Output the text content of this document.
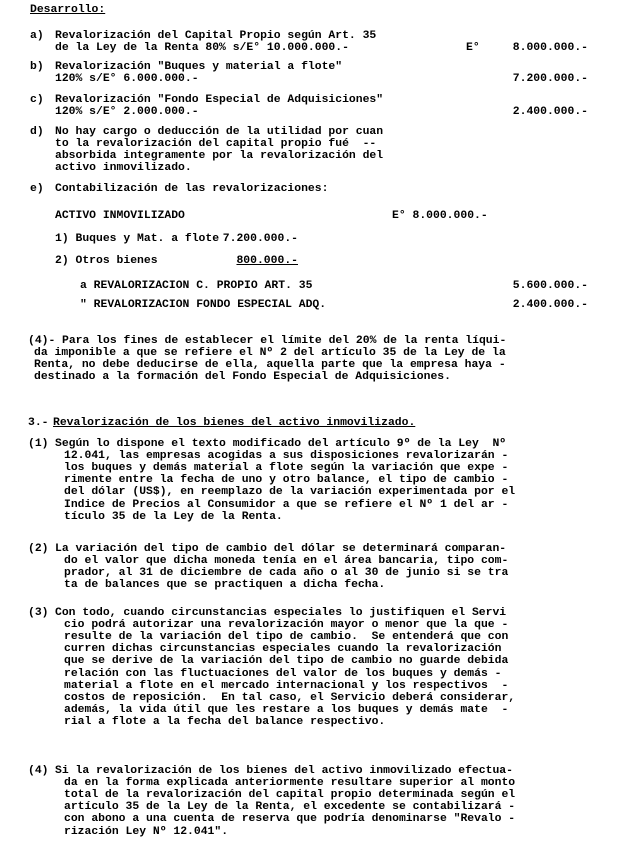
Desarrollo:
a) Revalorización del Capital Propio según Art. 35
de la Ley de la Renta 80% s/E° 10.000.000.-	E°	8.000.000.-
b) Revalorización "Buques y material a flote"
120% s/E° 6.000.000.-	7.200.000.-
c) Revalorización "Fondo Especial de Adquisiciones"
120% s/E° 2.000.000.-	2.400.000.-
d) No hay cargo o deducción de la utilidad por cuan
to la revalorización del capital propio fué  --
absorbida integramente por la revalorización del
activo inmovilizado.
e) Contabilización de las revalorizaciones:
ACTIVO INMOVILIZADO	E° 8.000.000.-
1) Buques y Mat. a flote 7.200.000.-
2) Otros bienes	800.000.-
a REVALORIZACION C. PROPIO ART. 35	5.600.000.-
" REVALORIZACION FONDO ESPECIAL ADQ.	2.400.000.-
(4)- Para los fines de establecer el límite del 20% de la renta líqui-
da imponible a que se refiere el Nº 2 del artículo 35 de la Ley de la
Renta, no debe deducirse de ella, aquella parte que la empresa haya -
destinado a la formación del Fondo Especial de Adquisiciones.
3.- Revalorización de los bienes del activo inmovilizado.
(1) Según lo dispone el texto modificado del artículo 9º de la Ley  Nº
12.041, las empresas acogidas a sus disposiciones revalorizarán -
los buques y demás material a flote según la variación que expe -
rimente entre la fecha de uno y otro balance, el tipo de cambio -
del dólar (US$), en reemplazo de la variación experimentada por el
Indice de Precios al Consumidor a que se refiere el Nº 1 del ar -
tículo 35 de la Ley de la Renta.
(2) La variación del tipo de cambio del dólar se determinará comparan-
do el valor que dicha moneda tenía en el área bancaria, tipo com-
prador, al 31 de diciembre de cada año o al 30 de junio si se tra
ta de balances que se practiquen a dicha fecha.
(3) Con todo, cuando circunstancias especiales lo justifiquen el Servi
cio podrá autorizar una revalorización mayor o menor que la que -
resulte de la variación del tipo de cambio.  Se entenderá que con
curren dichas circunstancias especiales cuando la revalorización
que se derive de la variación del tipo de cambio no guarde debida
relación con las fluctuaciones del valor de los buques y demás -
material a flote en el mercado internacional y los respectivos  -
costos de reposición.  En tal caso, el Servicio deberá considerar,
además, la vida útil que les restare a los buques y demás mate  -
rial a flote a la fecha del balance respectivo.
(4) Si la revalorización de los bienes del activo inmovilizado efectua-
da en la forma explicada anteriormente resultare superior al monto
total de la revalorización del capital propio determinada según el
artículo 35 de la Ley de la Renta, el excedente se contabilizará -
con abono a una cuenta de reserva que podría denominarse "Revalo -
rización Ley Nº 12.041".
